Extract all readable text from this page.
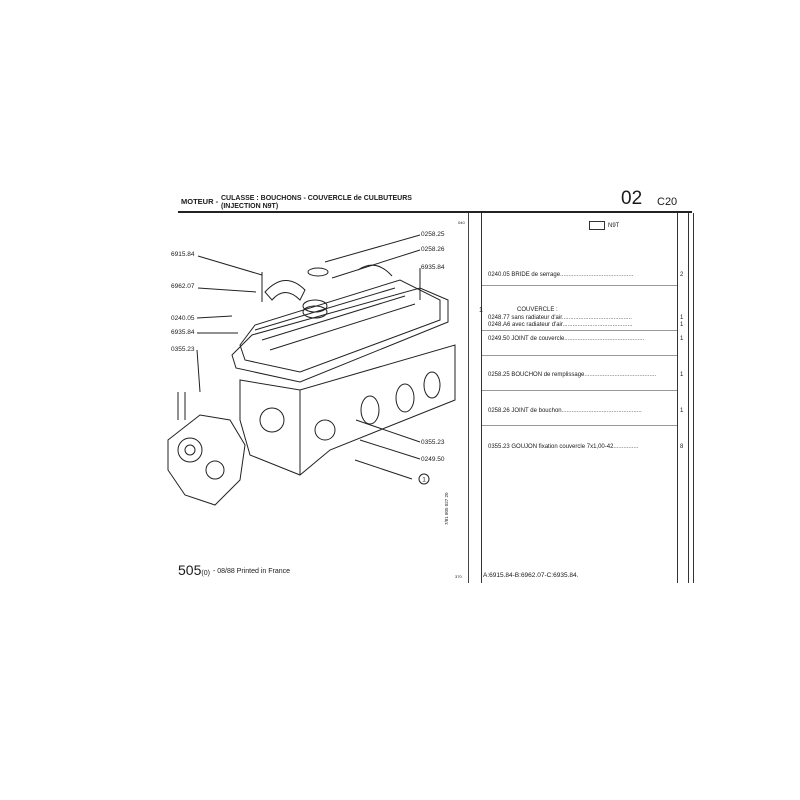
MOTEUR - CULASSE : BOUCHONS - COUVERCLE de CULBUTEURS
(INJECTION N9T)	02 C20
040
7/81 805 027 20
370
N9T
1
0240.05 BRIDE de serrage............................................	2
COUVERCLE :
0248.77 sans radiateur d'air..........................................	1
0248.A6 avec radiateur d'air..........................................	1
0249.50 JOINT de couvercle................................................	1
0258.25 BOUCHON de remplissage...........................................	1
0258.26 JOINT de bouchon................................................	1
0355.23 GOUJON fixation couvercle 7x1,00-42...............	8
A:6915.84-B:6962.07-C:6935.84.
505(0) - 08/88 Printed in France
6915.84
6962.07
0240.05
6935.84
0355.23
0258.25
0258.26
6935.84
0355.23
0249.50
1
